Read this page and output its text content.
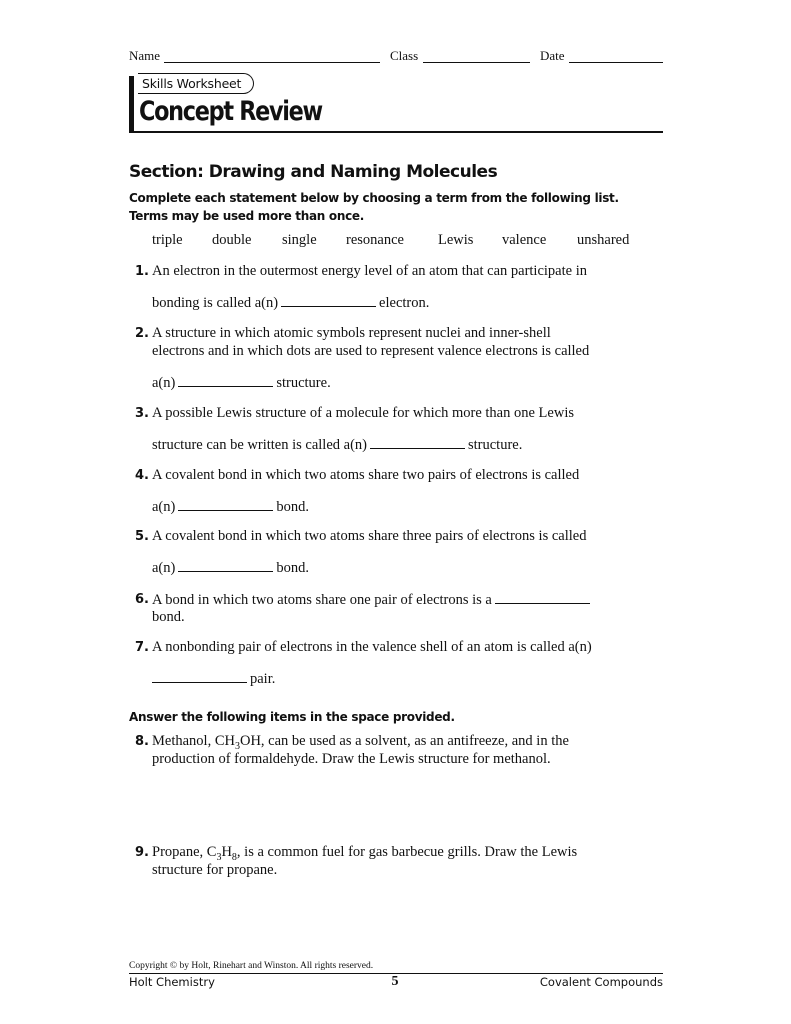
Name	Class	Date
Skills Worksheet
Concept Review
Section: Drawing and Naming Molecules
Complete each statement below by choosing a term from the following list.
Terms may be used more than once.
triple double single resonance Lewis valence unshared
1. An electron in the outermost energy level of an atom that can participate in
bonding is called a(n)	electron.
2. A structure in which atomic symbols represent nuclei and inner-shell
electrons and in which dots are used to represent valence electrons is called
a(n)	structure.
3. A possible Lewis structure of a molecule for which more than one Lewis
structure can be written is called a(n)	structure.
4. A covalent bond in which two atoms share two pairs of electrons is called
a(n)	bond.
5. A covalent bond in which two atoms share three pairs of electrons is called
a(n)	bond.
6. A bond in which two atoms share one pair of electrons is a
bond.
7. A nonbonding pair of electrons in the valence shell of an atom is called a(n)
pair.
Answer the following items in the space provided.
8. Methanol, $CH_3OH$, can be used as a solvent, as an antifreeze, and in the
production of formaldehyde. Draw the Lewis structure for methanol.
9. Propane, $C_3H_8$, is a common fuel for gas barbecue grills. Draw the Lewis
structure for propane.
Copyright © by Holt, Rinehart and Winston. All rights reserved.
Holt Chemistry	5	Covalent Compounds
